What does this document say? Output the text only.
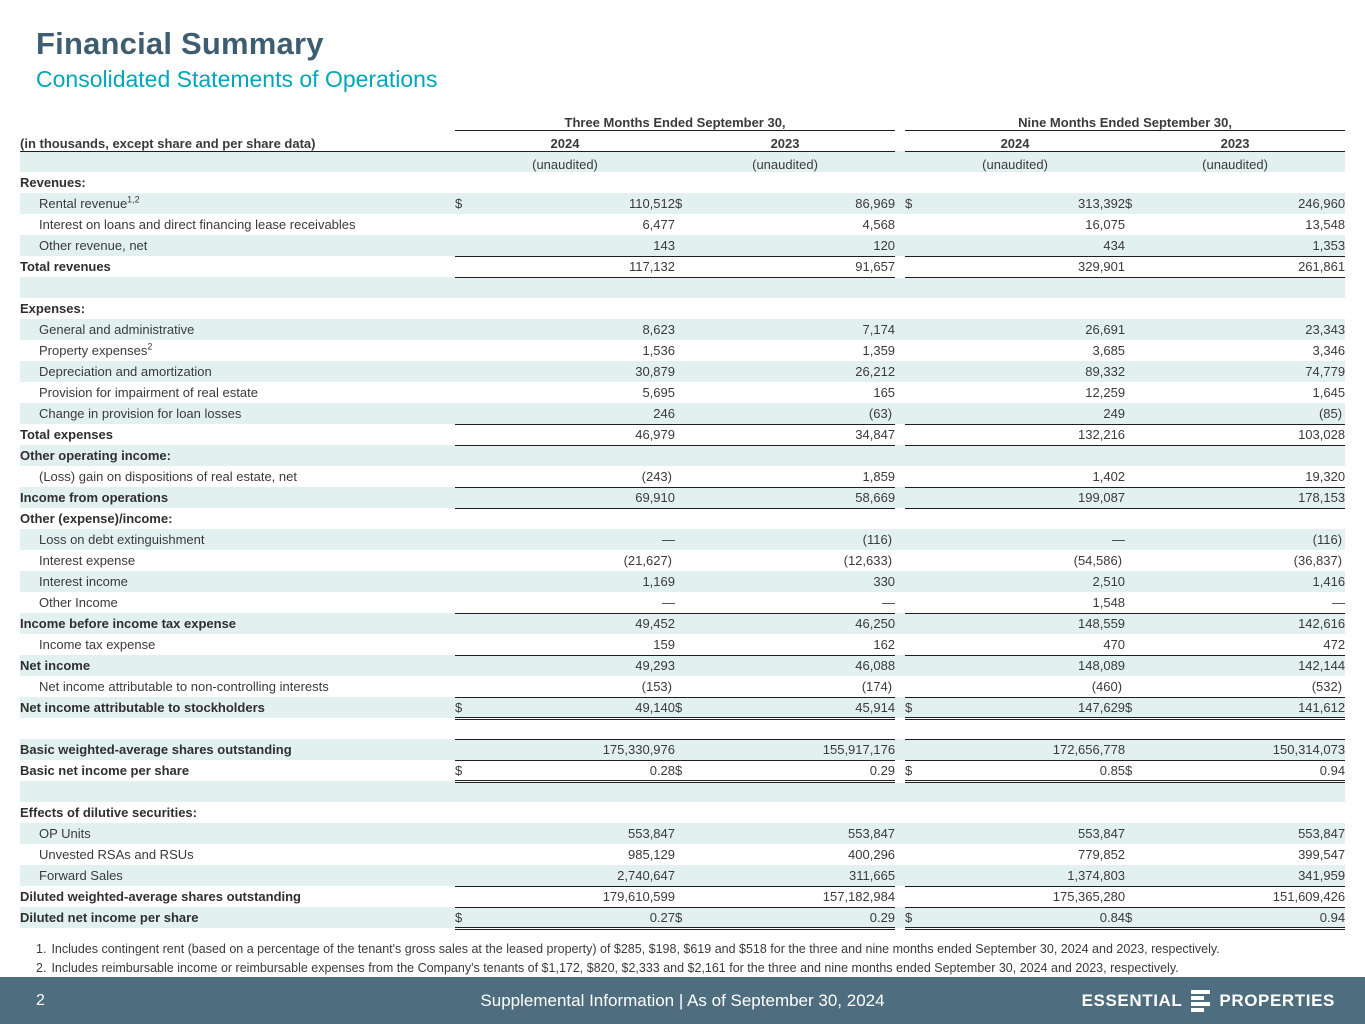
Financial Summary
Consolidated Statements of Operations
	Three Months Ended September 30,					Nine Months Ended September 30,			
(in thousands, except share and per share data)	2024		2023			2024		2023	
	(unaudited)		(unaudited)			(unaudited)		(unaudited)	
Revenues:									
Rental revenue$^{1,2}$	$	110,512	$	86,969		$	313,392	$	246,960
Interest on loans and direct financing lease receivables		6,477		4,568			16,075		13,548
Other revenue, net		143		120			434		1,353
Total revenues		117,132		91,657			329,901		261,861

Expenses:									
General and administrative		8,623		7,174			26,691		23,343
Property expenses$^2$		1,536		1,359			3,685		3,346
Depreciation and amortization		30,879		26,212			89,332		74,779
Provision for impairment of real estate		5,695		165			12,259		1,645
Change in provision for loan losses		246		(63)			249		(85)
Total expenses		46,979		34,847			132,216		103,028
Other operating income:									
(Loss) gain on dispositions of real estate, net		(243)		1,859			1,402		19,320
Income from operations		69,910		58,669			199,087		178,153
Other (expense)/income:									
Loss on debt extinguishment		—		(116)			—		(116)
Interest expense		(21,627)		(12,633)			(54,586)		(36,837)
Interest income		1,169		330			2,510		1,416
Other Income		—		—			1,548		—
Income before income tax expense		49,452		46,250			148,559		142,616
Income tax expense		159		162			470		472
Net income		49,293		46,088			148,089		142,144
Net income attributable to non-controlling interests		(153)		(174)			(460)		(532)
Net income attributable to stockholders	$	49,140	$	45,914		$	147,629	$	141,612

Basic weighted-average shares outstanding		175,330,976		155,917,176			172,656,778		150,314,073
Basic net income per share	$	0.28	$	0.29		$	0.85	$	0.94

Effects of dilutive securities:									
OP Units		553,847		553,847			553,847		553,847
Unvested RSAs and RSUs		985,129		400,296			779,852		399,547
Forward Sales		2,740,647		311,665			1,374,803		341,959
Diluted weighted-average shares outstanding		179,610,599		157,182,984			175,365,280		151,609,426
Diluted net income per share	$	0.27	$	0.29		$	0.84	$	0.94
1. Includes contingent rent (based on a percentage of the tenant's gross sales at the leased property) of $285, $198, $619 and $518 for the three and nine months ended September 30, 2024 and 2023, respectively.
2. Includes reimbursable income or reimbursable expenses from the Company's tenants of $1,172, $820, $2,333 and $2,161 for the three and nine months ended September 30, 2024 and 2023, respectively.
2	Supplemental Information | As of September 30, 2024	ESSENTIAL PROPERTIES
